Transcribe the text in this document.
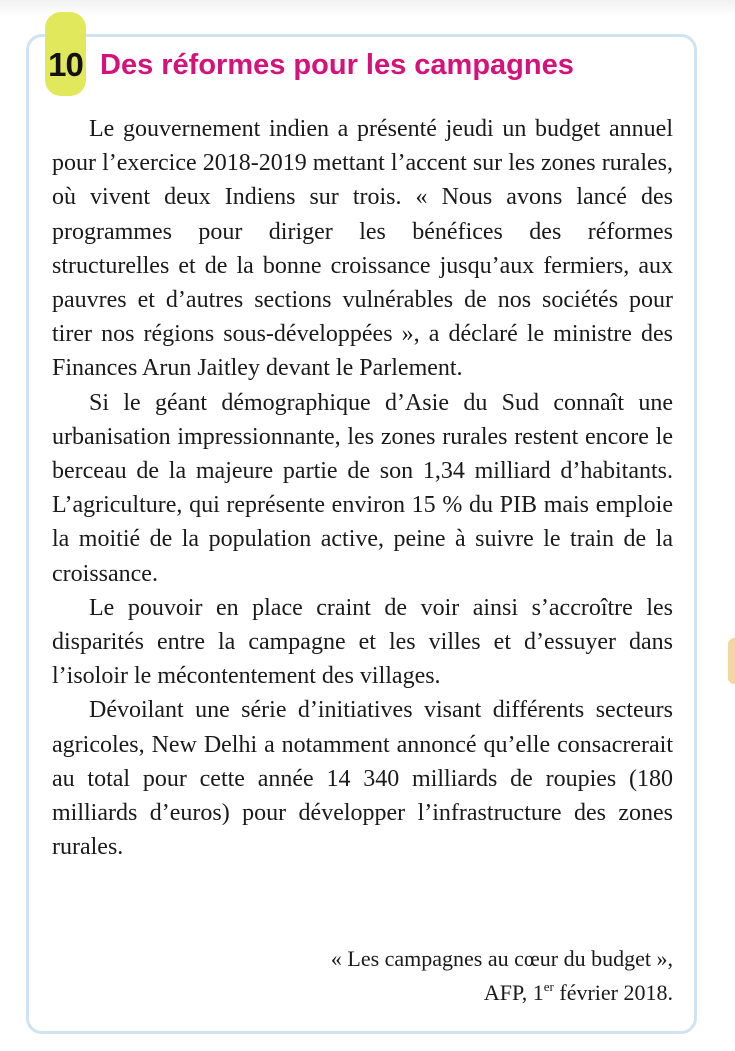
10 Des réformes pour les campagnes

Le gouvernement indien a présenté jeudi un budget annuel pour l’exercice 2018-2019 mettant l’accent sur les zones rurales, où vivent deux Indiens sur trois. « Nous avons lancé des programmes pour diriger les bénéfices des réformes structurelles et de la bonne croissance jusqu’aux fermiers, aux pauvres et d’autres sections vulnérables de nos sociétés pour tirer nos régions sous-développées », a déclaré le ministre des Finances Arun Jaitley devant le Parlement.

Si le géant démographique d’Asie du Sud connaît une urbanisation impressionnante, les zones rurales restent encore le berceau de la majeure partie de son 1,34 milliard d’habitants. L’agriculture, qui représente environ 15 % du PIB mais emploie la moitié de la population active, peine à suivre le train de la croissance.

Le pouvoir en place craint de voir ainsi s’accroître les disparités entre la campagne et les villes et d’essuyer dans l’isoloir le mécontentement des villages.

Dévoilant une série d’initiatives visant différents secteurs agricoles, New Delhi a notamment annoncé qu’elle consacrerait au total pour cette année 14 340 milliards de roupies (180 milliards d’euros) pour développer l’infrastructure des zones rurales.

« Les campagnes au cœur du budget »,
AFP, 1er février 2018.
